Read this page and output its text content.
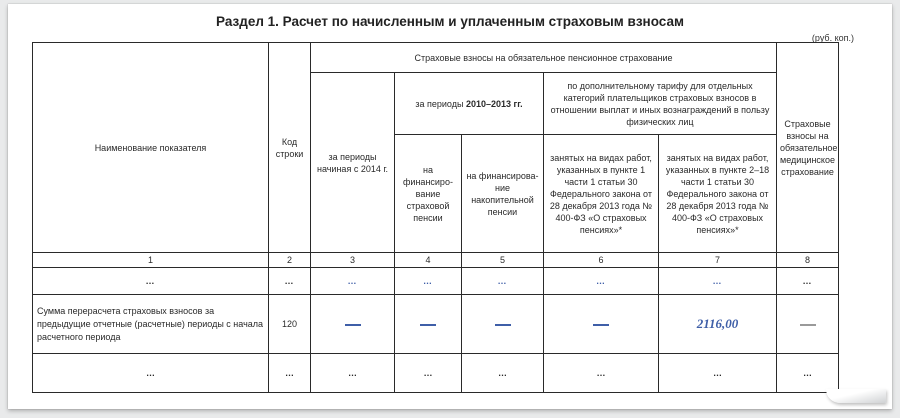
Раздел 1. Расчет по начисленным и уплаченным страховым взносам
(руб. коп.)
Наименование показателя	Код строки	Страховые взносы на обязательное пенсионное страхование					Страховые взносы на обязательное медицинское страхование
		за периоды начиная с 2014 г.	за периоды 2010–2013 гг.		по дополнительному тарифу для отдельных категорий плательщиков страховых взносов в отношении выплат и иных вознаграждений в пользу физических лиц		
			на финансиро-вание страховой пенсии	на финансирова-ние накопительной пенсии	занятых на видах работ, указанных в пункте 1 части 1 статьи 30 Федерального закона от 28 декабря 2013 года № 400-ФЗ «О страховых пенсиях»*	занятых на видах работ, указанных в пункте 2–18 части 1 статьи 30 Федерального закона от 28 декабря 2013 года № 400-ФЗ «О страховых пенсиях»*	

1	2	3	4	5	6	7	8
…	…	…	…	…	…	…	…
Сумма перерасчета страховых взносов за предыдущие отчетные (расчетные) периоды с начала расчетного периода	120					2116,00	
…	…	…	…	…	…	…	…
